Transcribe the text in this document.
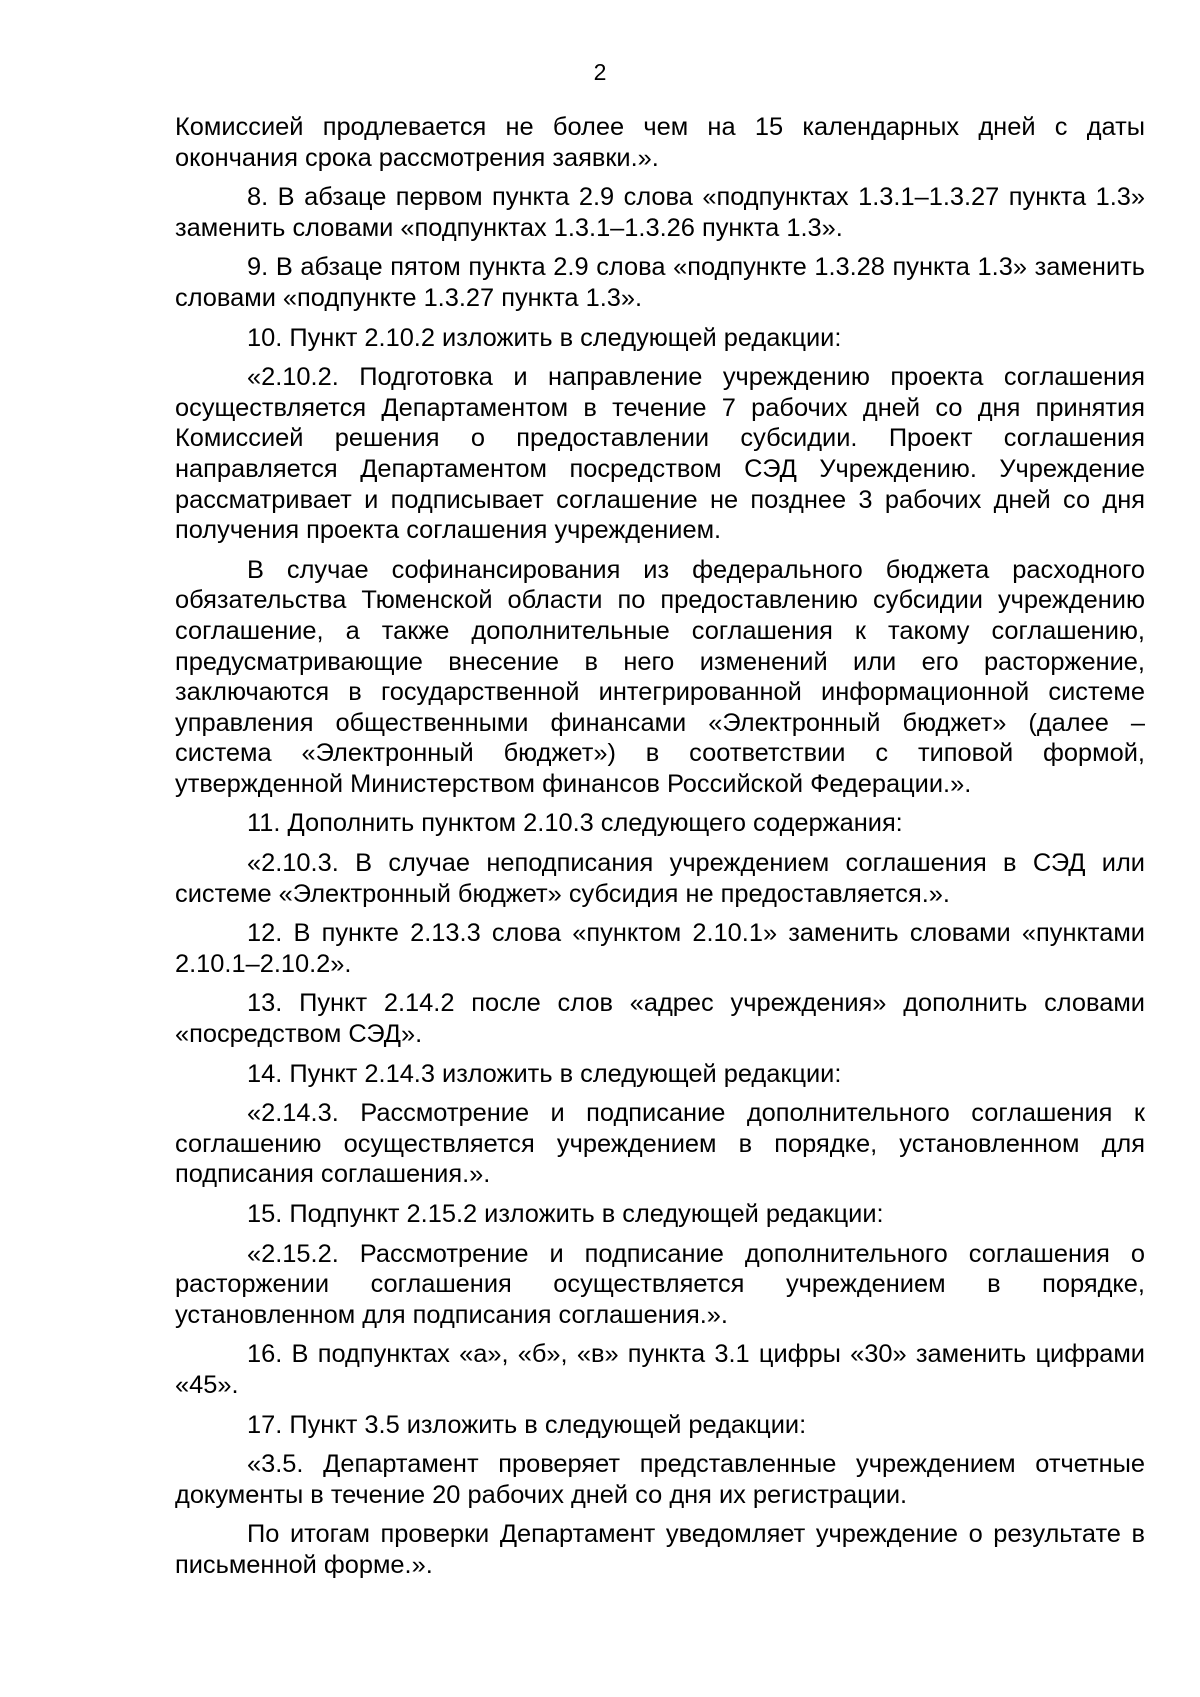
2

Комиссией продлевается не более чем на 15 календарных дней с даты окончания срока рассмотрения заявки.».

8. В абзаце первом пункта 2.9 слова «подпунктах 1.3.1–1.3.27 пункта 1.3» заменить словами «подпунктах 1.3.1–1.3.26 пункта 1.3».

9. В абзаце пятом пункта 2.9 слова «подпункте 1.3.28 пункта 1.3» заменить словами «подпункте 1.3.27 пункта 1.3».

10. Пункт 2.10.2 изложить в следующей редакции:

«2.10.2. Подготовка и направление учреждению проекта соглашения осуществляется Департаментом в течение 7 рабочих дней со дня принятия Комиссией решения о предоставлении субсидии. Проект соглашения направляется Департаментом посредством СЭД Учреждению. Учреждение рассматривает и подписывает соглашение не позднее 3 рабочих дней со дня получения проекта соглашения учреждением.

В случае софинансирования из федерального бюджета расходного обязательства Тюменской области по предоставлению субсидии учреждению соглашение, а также дополнительные соглашения к такому соглашению, предусматривающие внесение в него изменений или его расторжение, заключаются в государственной интегрированной информационной системе управления общественными финансами «Электронный бюджет» (далее – система «Электронный бюджет») в соответствии с типовой формой, утвержденной Министерством финансов Российской Федерации.».

11. Дополнить пунктом 2.10.3 следующего содержания:

«2.10.3. В случае неподписания учреждением соглашения в СЭД или системе «Электронный бюджет» субсидия не предоставляется.».

12. В пункте 2.13.3 слова «пунктом 2.10.1» заменить словами «пунктами 2.10.1–2.10.2».

13. Пункт 2.14.2 после слов «адрес учреждения» дополнить словами «посредством СЭД».

14. Пункт 2.14.3 изложить в следующей редакции:

«2.14.3. Рассмотрение и подписание дополнительного соглашения к соглашению осуществляется учреждением в порядке, установленном для подписания соглашения.».

15. Подпункт 2.15.2 изложить в следующей редакции:

«2.15.2. Рассмотрение и подписание дополнительного соглашения о расторжении соглашения осуществляется учреждением в порядке, установленном для подписания соглашения.».

16. В подпунктах «а», «б», «в» пункта 3.1 цифры «30» заменить цифрами «45».

17. Пункт 3.5 изложить в следующей редакции:

«3.5. Департамент проверяет представленные учреждением отчетные документы в течение 20 рабочих дней со дня их регистрации.

По итогам проверки Департамент уведомляет учреждение о результате в письменной форме.».
